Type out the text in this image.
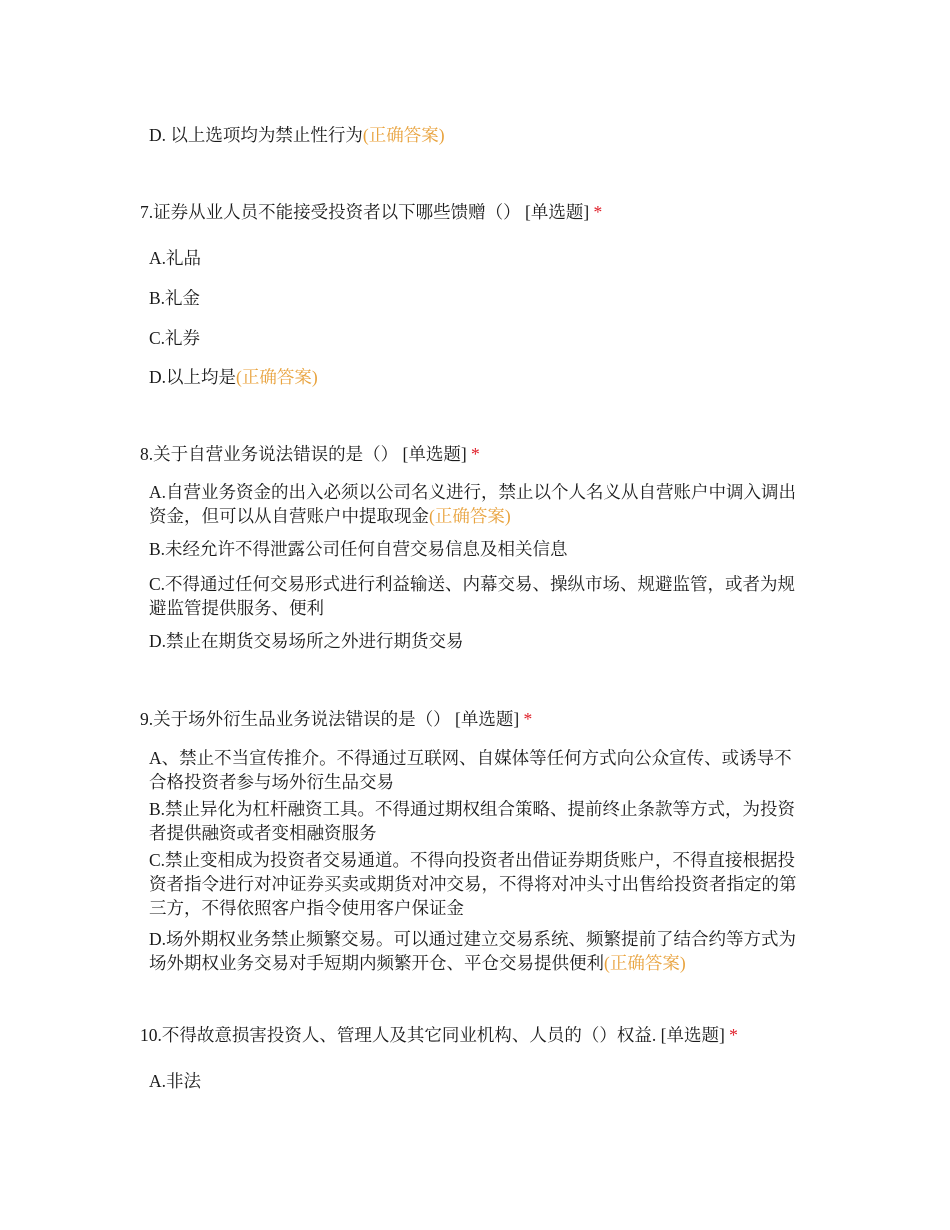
D. 以上选项均为禁止性行为(正确答案)
7.证券从业人员不能接受投资者以下哪些馈赠（） [单选题] *
A.礼品
B.礼金
C.礼券
D.以上均是(正确答案)
8.关于自营业务说法错误的是（） [单选题] *
A.自营业务资金的出入必须以公司名义进行，禁止以个人名义从自营账户中调入调出资金，但可以从自营账户中提取现金(正确答案)
B.未经允许不得泄露公司任何自营交易信息及相关信息
C.不得通过任何交易形式进行利益输送、内幕交易、操纵市场、规避监管，或者为规避监管提供服务、便利
D.禁止在期货交易场所之外进行期货交易
9.关于场外衍生品业务说法错误的是（） [单选题] *
A、禁止不当宣传推介。不得通过互联网、自媒体等任何方式向公众宣传、或诱导不合格投资者参与场外衍生品交易
B.禁止异化为杠杆融资工具。不得通过期权组合策略、提前终止条款等方式，为投资者提供融资或者变相融资服务
C.禁止变相成为投资者交易通道。不得向投资者出借证券期货账户，不得直接根据投资者指令进行对冲证券买卖或期货对冲交易，不得将对冲头寸出售给投资者指定的第三方，不得依照客户指令使用客户保证金
D.场外期权业务禁止频繁交易。可以通过建立交易系统、频繁提前了结合约等方式为场外期权业务交易对手短期内频繁开仓、平仓交易提供便利(正确答案)
10.不得故意损害投资人、管理人及其它同业机构、人员的（）权益. [单选题] *
A.非法
